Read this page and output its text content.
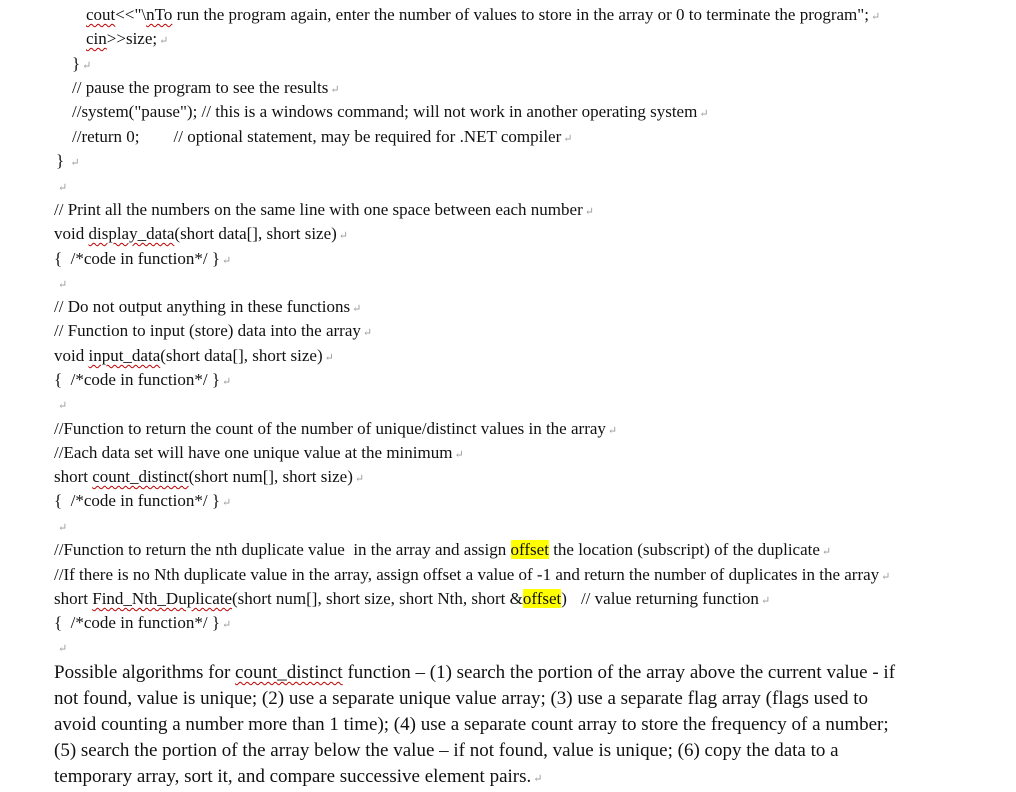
cout<<"\nTo run the program again, enter the number of values to store in the array or 0 to terminate the program"; ↵
cin>>size; ↵
} ↵
// pause the program to see the results ↵
//system("pause"); // this is a windows command; will not work in another operating system ↵
//return 0; // optional statement, may be required for .NET compiler ↵
} ↵
↵
// Print all the numbers on the same line with one space between each number ↵
void display_data(short data[], short size) ↵
{  /*code in function*/ } ↵
↵
// Do not output anything in these functions ↵
// Function to input (store) data into the array ↵
void input_data(short data[], short size) ↵
{  /*code in function*/ } ↵
↵
//Function to return the count of the number of unique/distinct values in the array ↵
//Each data set will have one unique value at the minimum ↵
short count_distinct(short num[], short size) ↵
{  /*code in function*/ } ↵
↵
//Function to return the nth duplicate value  in the array and assign offset the location (subscript) of the duplicate ↵
//If there is no Nth duplicate value in the array, assign offset a value of -1 and return the number of duplicates in the array ↵
short Find_Nth_Duplicate(short num[], short size, short Nth, short &offset) // value returning function ↵
{  /*code in function*/ } ↵
↵
Possible algorithms for count_distinct function – (1) search the portion of the array above the current value - if
not found, value is unique; (2) use a separate unique value array; (3) use a separate flag array (flags used to
avoid counting a number more than 1 time); (4) use a separate count array to store the frequency of a number;
(5) search the portion of the array below the value – if not found, value is unique; (6) copy the data to a
temporary array, sort it, and compare successive element pairs. ↵
